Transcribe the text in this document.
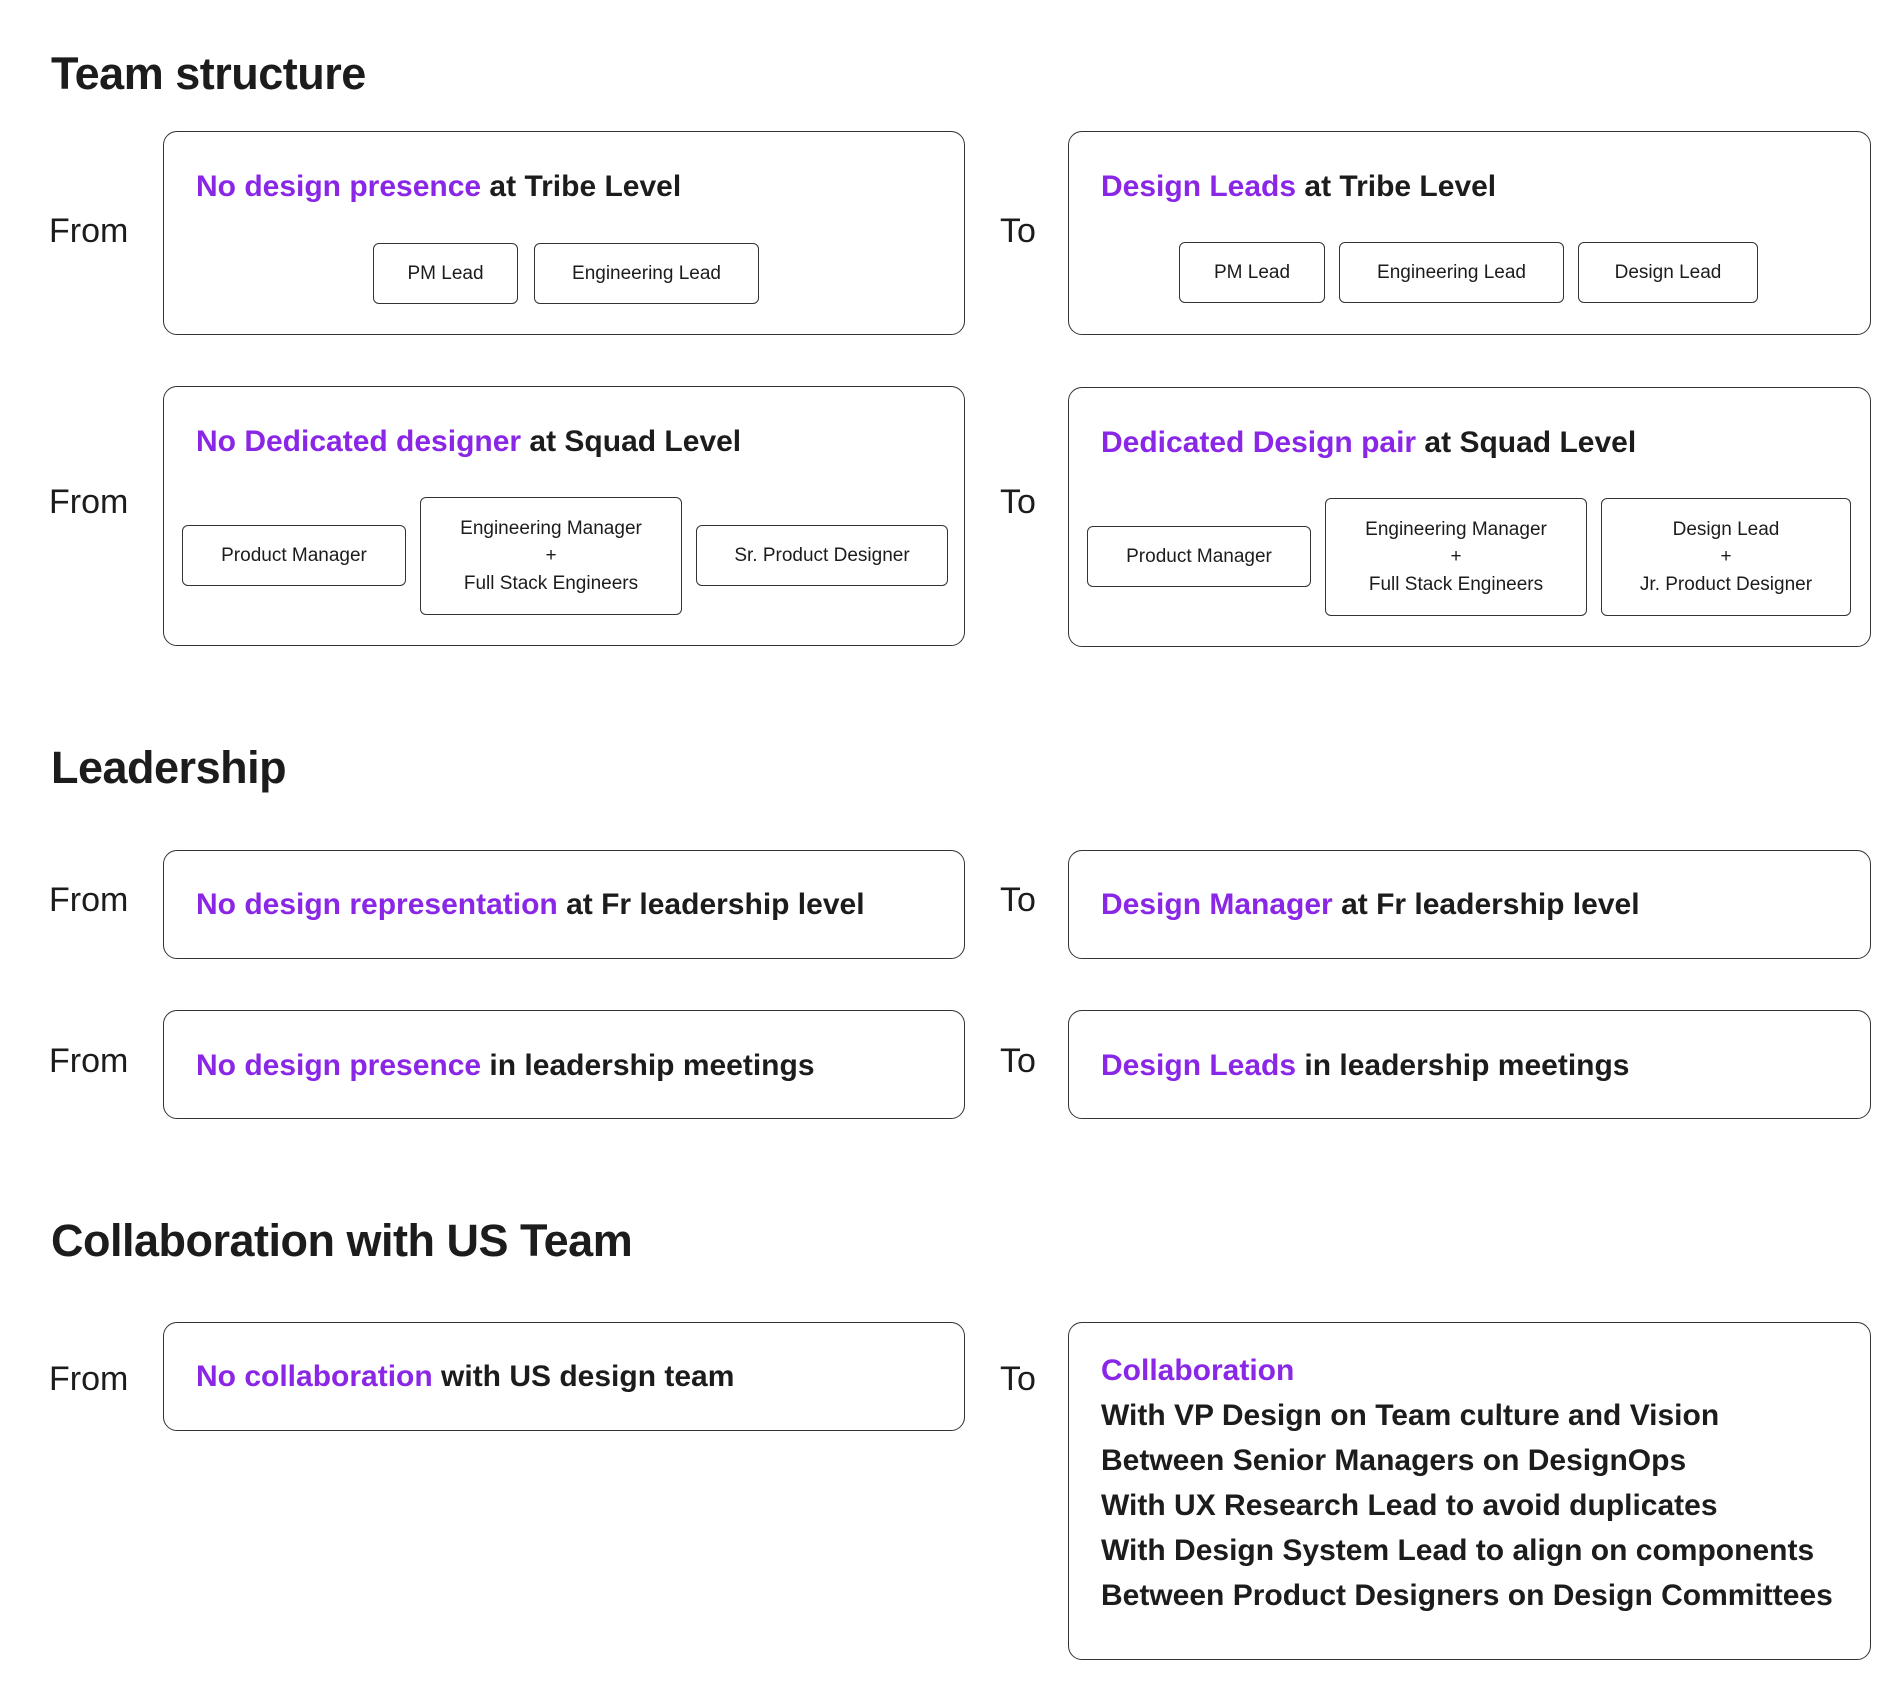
Team structure
From
No design presence at Tribe Level
PM Lead	Engineering Lead
To
Design Leads at Tribe Level
PM Lead	Engineering Lead	Design Lead
From
No Dedicated designer at Squad Level
Product Manager
Engineering Manager
+
Full Stack Engineers
Sr. Product Designer
To
Dedicated Design pair at Squad Level
Product Manager
Engineering Manager
+
Full Stack Engineers
Design Lead
+
Jr. Product Designer
Leadership
From No design representation at Fr leadership level	To Design Manager at Fr leadership level
From No design presence in leadership meetings	To Design Leads in leadership meetings
Collaboration with US Team
From No collaboration with US design team	To Collaboration
With VP Design on Team culture and Vision
Between Senior Managers on DesignOps
With UX Research Lead to avoid duplicates
With Design System Lead to align on components
Between Product Designers on Design Committees
